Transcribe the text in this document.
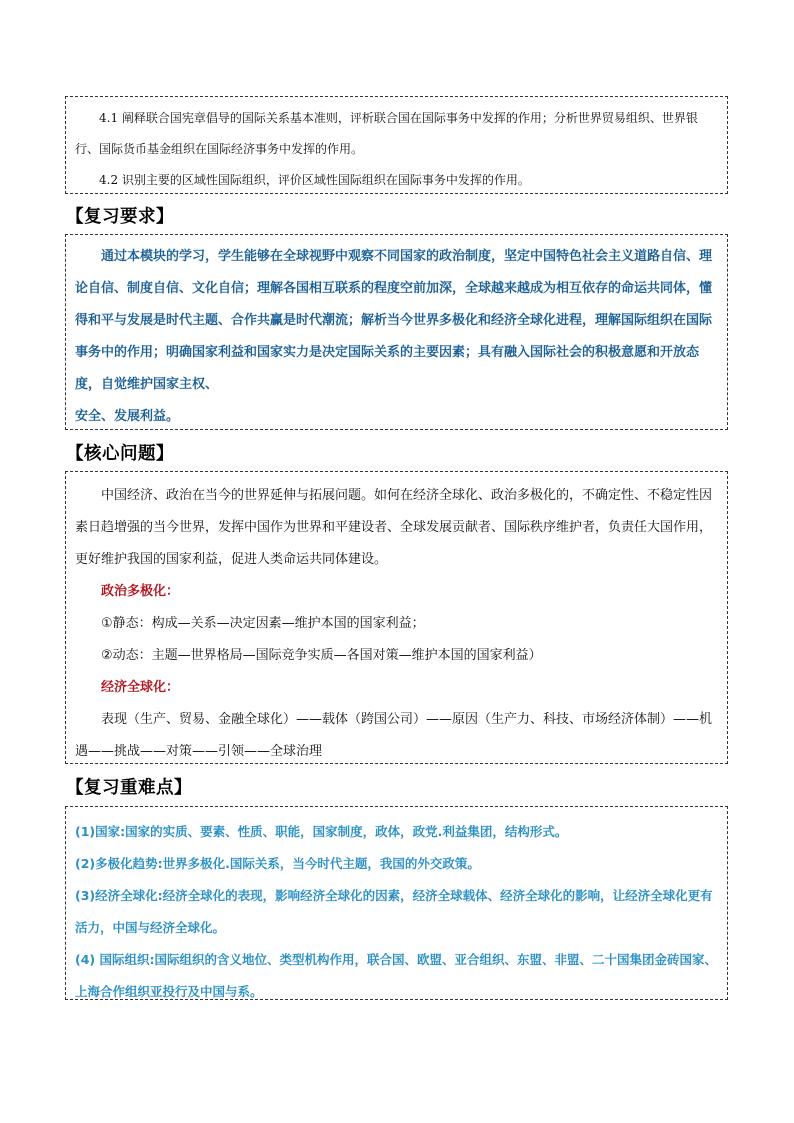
4.1 阐释联合国宪章倡导的国际关系基本准则，评析联合国在国际事务中发挥的作用；分析世界贸易组织、世界银行、国际货币基金组织在国际经济事务中发挥的作用。

4.2 识别主要的区域性国际组织，评价区域性国际组织在国际事务中发挥的作用。

【复习要求】

通过本模块的学习，学生能够在全球视野中观察不同国家的政治制度，坚定中国特色社会主义道路自信、理论自信、制度自信、文化自信；理解各国相互联系的程度空前加深，全球越来越成为相互依存的命运共同体，懂得和平与发展是时代主题、合作共赢是时代潮流；解析当今世界多极化和经济全球化进程，理解国际组织在国际事务中的作用；明确国家利益和国家实力是决定国际关系的主要因素；具有融入国际社会的积极意愿和开放态度，自觉维护国家主权、

安全、发展利益。

【核心问题】

中国经济、政治在当今的世界延伸与拓展问题。如何在经济全球化、政治多极化的，不确定性、不稳定性因素日趋增强的当今世界，发挥中国作为世界和平建设者、全球发展贡献者、国际秩序维护者，负责任大国作用，更好维护我国的国家利益，促进人类命运共同体建设。

政治多极化：

①静态：构成—关系—决定因素—维护本国的国家利益；

②动态：主题—世界格局—国际竞争实质—各国对策—维护本国的国家利益）

经济全球化：

表现（生产、贸易、金融全球化）——载体（跨国公司）——原因（生产力、科技、市场经济体制）——机遇——挑战——对策——引领——全球治理

【复习重难点】

(1)国家:国家的实质、要素、性质、职能，国家制度，政体，政党.利益集团，结构形式。

(2)多极化趋势:世界多极化.国际关系，当今时代主题，我国的外交政策。

(3)经济全球化:经济全球化的表现，影响经济全球化的因素，经济全球载体、经济全球化的影响，让经济全球化更有活力，中国与经济全球化。

(4) 国际组织:国际组织的含义地位、类型机构作用，联合国、欧盟、亚合组织、东盟、非盟、二十国集团金砖国家、上海合作组织亚投行及中国与系。
